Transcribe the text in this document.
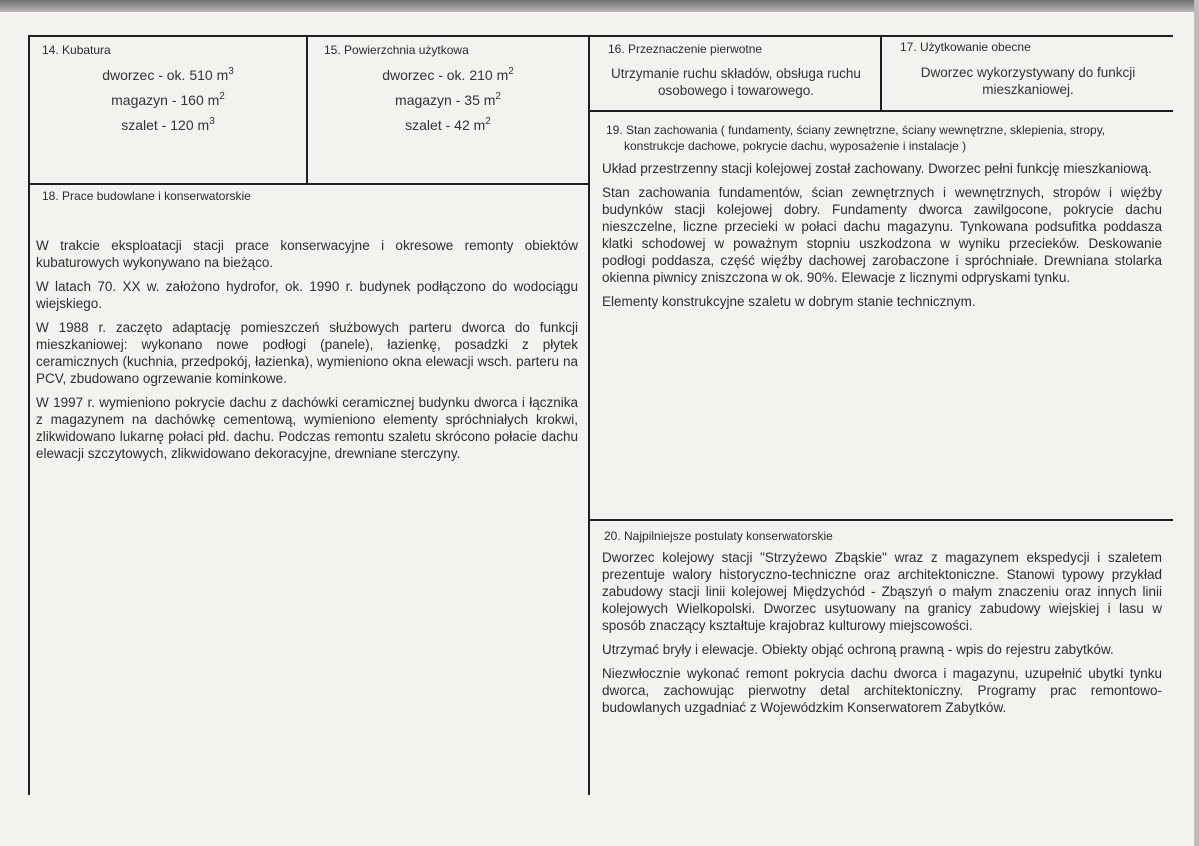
14. Kubatura
dworzec - ok. 510 $m^3$
magazyn - 160 $m^2$
szalet - 120 $m^3$
15. Powierzchnia użytkowa
dworzec - ok. 210 $m^2$
magazyn - 35 $m^2$
szalet - 42 $m^2$
16. Przeznaczenie pierwotne
Utrzymanie ruchu składów, obsługa ruchu osobowego i towarowego.
17. Użytkowanie obecne
Dworzec wykorzystywany do funkcji mieszkaniowej.
18. Prace budowlane i konserwatorskie

W trakcie eksploatacji stacji prace konserwacyjne i okresowe remonty obiektów kubaturowych wykonywano na bieżąco.

W latach 70. XX w. założono hydrofor, ok. 1990 r. budynek podłączono do wodociągu wiejskiego.

W 1988 r. zaczęto adaptację pomieszczeń służbowych parteru dworca do funkcji mieszkaniowej: wykonano nowe podłogi (panele), łazienkę, posadzki z płytek ceramicznych (kuchnia, przedpokój, łazienka), wymieniono okna elewacji wsch. parteru na PCV, zbudowano ogrzewanie kominkowe.

W 1997 r. wymieniono pokrycie dachu z dachówki ceramicznej budynku dworca i łącznika z magazynem na dachówkę cementową, wymieniono elementy spróchniałych krokwi, zlikwidowano lukarnę połaci płd. dachu. Podczas remontu szaletu skrócono połacie dachu elewacji szczytowych, zlikwidowano dekoracyjne, drewniane sterczyny.

19. Stan zachowania ( fundamenty, ściany zewnętrzne, ściany wewnętrzne, sklepienia, stropy,
konstrukcje dachowe, pokrycie dachu, wyposażenie i instalacje )

Układ przestrzenny stacji kolejowej został zachowany. Dworzec pełni funkcję mieszkaniową.

Stan zachowania fundamentów, ścian zewnętrznych i wewnętrznych, stropów i więźby budynków stacji kolejowej dobry. Fundamenty dworca zawilgocone, pokrycie dachu nieszczelne, liczne przecieki w połaci dachu magazynu. Tynkowana podsufitka poddasza klatki schodowej w poważnym stopniu uszkodzona w wyniku przecieków. Deskowanie podłogi poddasza, część więźby dachowej zarobaczone i spróchniałe. Drewniana stolarka okienna piwnicy zniszczona w ok. 90%. Elewacje z licznymi odpryskami tynku.

Elementy konstrukcyjne szaletu w dobrym stanie technicznym.

20. Najpilniejsze postulaty konserwatorskie

Dworzec kolejowy stacji "Strzyżewo Zbąskie" wraz z magazynem ekspedycji i szaletem prezentuje walory historyczno-techniczne oraz architektoniczne. Stanowi typowy przykład zabudowy stacji linii kolejowej Międzychód - Zbąszyń o małym znaczeniu oraz innych linii kolejowych Wielkopolski. Dworzec usytuowany na granicy zabudowy wiejskiej i lasu w sposób znaczący kształtuje krajobraz kulturowy miejscowości.

Utrzymać bryły i elewacje. Obiekty objąć ochroną prawną - wpis do rejestru zabytków.

Niezwłocznie wykonać remont pokrycia dachu dworca i magazynu, uzupełnić ubytki tynku dworca, zachowując pierwotny detal architektoniczny. Programy prac remontowo-budowlanych uzgadniać z Wojewódzkim Konserwatorem Zabytków.
